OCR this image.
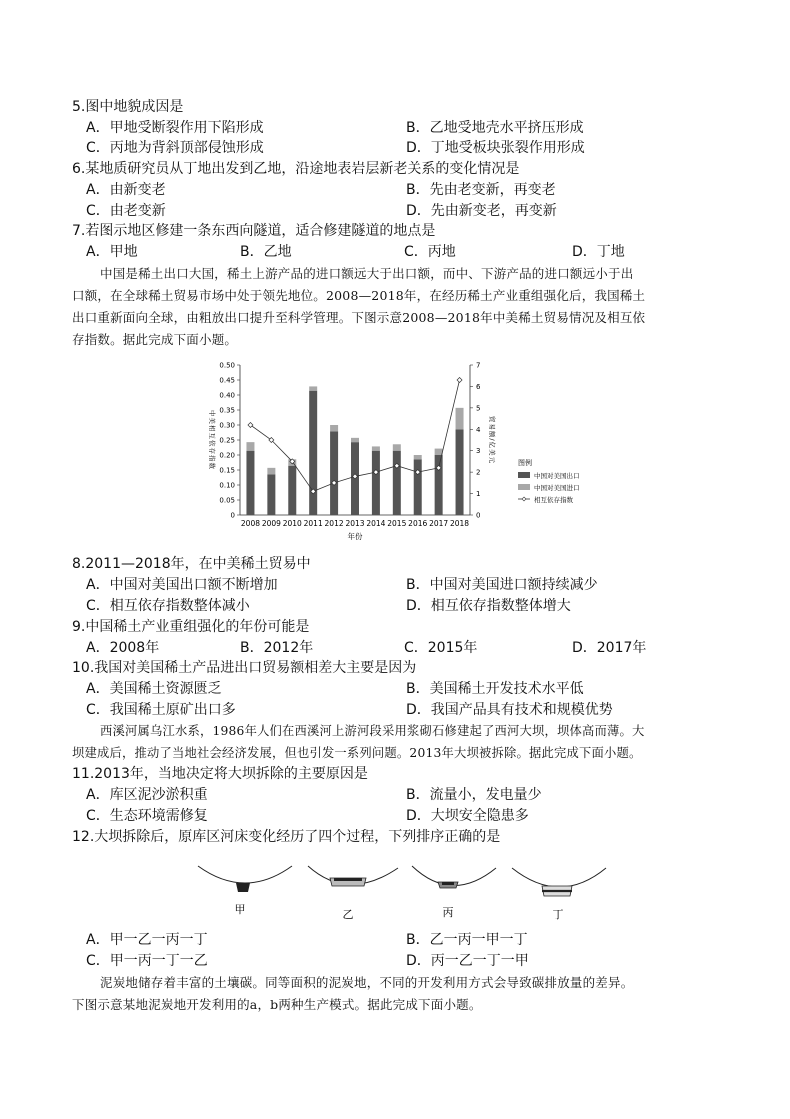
5.图中地貌成因是
A．甲地受断裂作用下陷形成	B．乙地受地壳水平挤压形成
C．丙地为背斜顶部侵蚀形成	D．丁地受板块张裂作用形成
6.某地质研究员从丁地出发到乙地，沿途地表岩层新老关系的变化情况是
A．由新变老	B．先由老变新，再变老
C．由老变新	D．先由新变老，再变新
7.若图示地区修建一条东西向隧道，适合修建隧道的地点是
A．甲地	B．乙地	C．丙地	D．丁地
中国是稀土出口大国，稀土上游产品的进口额远大于出口额，而中、下游产品的进口额远小于出
口额，在全球稀土贸易市场中处于领先地位。2008—2018年，在经历稀土产业重组强化后，我国稀土
出口重新面向全球，由粗放出口提升至科学管理。下图示意2008—2018年中美稀土贸易情况及相互依
存指数。据此完成下面小题。
0
0.05
0.10
0.15
0.20
0.25
0.30
0.35
0.40
0.45
0.50
0
1
2
3
4
5
6
7
中美相互依存指数	贸易额/亿美元
2008 2009 2010 2011 2012 2013 2014 2015 2016 2017 2018
年份
图例
中国对美国出口
中国对美国进口
相互依存指数
8.2011—2018年，在中美稀土贸易中
A．中国对美国出口额不断增加	B．中国对美国进口额持续减少
C．相互依存指数整体减小	D．相互依存指数整体增大
9.中国稀土产业重组强化的年份可能是
A．2008年	B．2012年	C．2015年	D．2017年
10.我国对美国稀土产品进出口贸易额相差大主要是因为
A．美国稀土资源匮乏	B．美国稀土开发技术水平低
C．我国稀土原矿出口多	D．我国产品具有技术和规模优势
西溪河属乌江水系，1986年人们在西溪河上游河段采用浆砌石修建起了西河大坝，坝体高而薄。大
坝建成后，推动了当地社会经济发展，但也引发一系列问题。2013年大坝被拆除。据此完成下面小题。
11.2013年，当地决定将大坝拆除的主要原因是
A．库区泥沙淤积重	B．流量小，发电量少
C．生态环境需修复	D．大坝安全隐患多
12.大坝拆除后，原库区河床变化经历了四个过程，下列排序正确的是
甲	乙	丙	丁
A．甲一乙一丙一丁	B．乙一丙一甲一丁
C．甲一丙一丁一乙	D．丙一乙一丁一甲
泥炭地储存着丰富的土壤碳。同等面积的泥炭地，不同的开发利用方式会导致碳排放量的差异。
下图示意某地泥炭地开发利用的a，b两种生产模式。据此完成下面小题。
